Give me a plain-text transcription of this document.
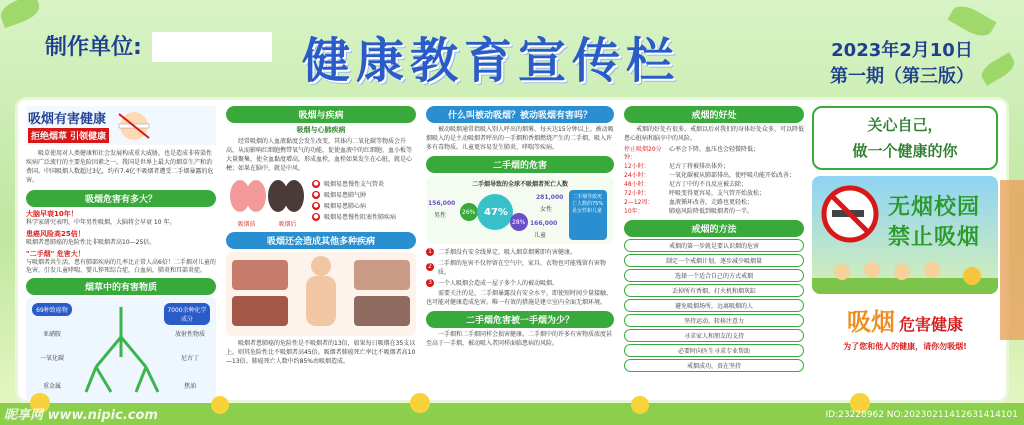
制作单位:	健康教育宣传栏	2023年2月10日
第一期（第三版）
吸烟有害健康
拒绝烟草 引领健康
吸草使用对人类健康和社会发展构成重大威胁，也是造成非传染性疾病广泛流行的主要危险因素之一。我国是世界上最大的烟草生产和消费国。中国吸烟人数超过3亿，约有7.4亿不吸烟者遭受二手烟暴露的危害。
吸烟危害有多大？
大脑早衰10年！
科学家研究表明，中年男性吸烟，大脑将会早衰 10 年。
患癌风险高25倍！
吸烟者患肺癌的危险性比非吸烟者高10—25倍。
"二手烟" 危害大！
与吸烟者共生活，患有肺部疾病的几率比正常人高6倍！二手烟对儿童的危害，引发儿童哮喘、婴儿猝死综合症，白血病，肺炎和耳部炎症。
烟草中的有害物质
69种致癌物
亚硝胺
一氧化碳
重金属
7000余种化学成分
放射性物质
尼古丁
焦油
吸烟与疾病
吸烟与心肺疾病
经常吸烟的人血液黏度会发生改变，其体内二氧化碳等物质会升高，从而影响红细胞携带氧气的功能，促使血液中的红细胞、血小板等大量聚集，使全血黏度增高，形成血栓，血栓如果发生在心脏，就是心梗；如果在脑中，就是中风。
吸烟前	吸烟后
● 吸烟易患慢性支气管炎
● 吸烟易患肺气肿
● 吸烟易患肺心病
● 吸烟易患慢性阻塞性肺疾病
吸烟还会造成其他多种疾病
吸烟者患肺癌的危险性是不吸烟者的13倍，如果每日吸烟在35支以上，则其危险性比不吸烟者高45倍。吸烟者肺癌死亡率比不吸烟者高10—13倍。肺癌死亡人数中约85%由吸烟造成。
什么叫被动吸烟？被动吸烟有害吗？
被动吸烟通常指吸入别人呼出的烟雾，每天达15分钟以上。被动吸烟吸入的是主动吸烟者呼出的一手烟和香烟燃烧产生的二手烟，吸入许多有毒物质。儿童更容易发生肺炎、哮喘等疾病。
二手烟的危害
二手烟导致的全球不吸烟者死亡人数
156,000
男性
281,000
女性
166,000
儿童
26% 47%
28%
二手烟导致死亡人数的75%是女性和儿童
1	二手烟没有安全线界定，吸入烟草烟雾即有害健康。
2	二手烟的危害不仅停留在空气中，家具、衣物也可能残留有害物质。
3	一个人吸烟会造成一屋子多个人的被动吸烟。
需要关注的是，二手烟暴露没有安全水平，即使短时间少量接触，也可能对健康造成危害。唯一有效的措施是建立室内全面无烟环境。
二手烟危害被一手烟为少？
一手烟和二手烟同样会损害健康。二手烟中的许多有害物质浓度甚至高于一手烟，被动吸入者同样面临患病的风险。
戒烟的好处
戒烟的好处有很多，戒烟以后对我们的身体好处众多，可以降低患心脏病和脑卒中的风险。
停止吸烟20分钟：
心率会下降，血压也会轻微降低；
12小时：	尼古丁将被排出体外；
24小时：	一氧化碳被从肺部排出，使呼吸功能开始改善；
48小时：	尼古丁中的不良反应被去除；
72小时：	呼吸变得更容易，支气管开始放松；
2—12周：	血液循环改善，走路也更轻松；
10年：	肺癌风险降低到吸烟者的一半。
戒烟的方法
戒烟的第一步就是要认识烟的危害
制定一个戒烟计划，逐步减少吸烟量
选择一个适合自己的方式戒烟
丢掉所有香烟、打火机和烟灰缸
避免吸烟场所，远离吸烟的人
坚持运动，转移注意力
寻求家人和朋友的支持
必要时向医生寻求专业帮助
戒烟成功，贵在坚持
关心自己，
做一个健康的你
无烟校园
禁止吸烟
吸烟 危害健康
为了您和他人的健康，请你勿吸烟!
昵享网 www.nipic.com	ID:23228962 NO:20230211412631414101
